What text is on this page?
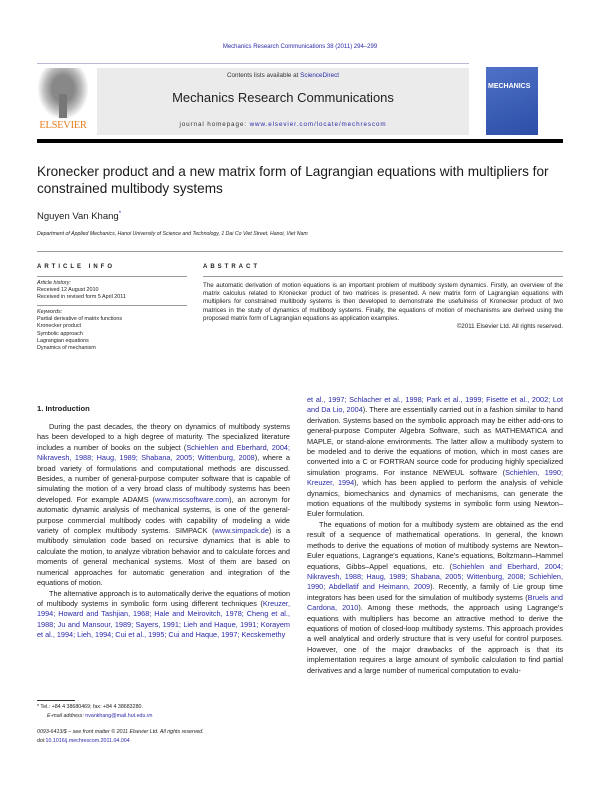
Mechanics Research Communications 38 (2011) 294–299
ELSEVIER
Contents lists available at ScienceDirect
Mechanics Research Communications
journal homepage: www.elsevier.com/locate/mechrescom
MECHANICS
Kronecker product and a new matrix form of Lagrangian equations with multipliers for constrained multibody systems
Nguyen Van Khang*
Department of Applied Mechanics, Hanoi University of Science and Technology, 1 Dai Co Viet Street, Hanoi, Viet Nam
ARTICLE INFO	ABSTRACT
Article history:
Received 12 August 2010
Received in revised form 5 April 2011
Keywords:
Partial derivative of matrix functions
Kronecker product
Symbolic approach
Lagrangian equations
Dynamics of mechanism
The automatic derivation of motion equations is an important problem of multibody system dynamics. Firstly, an overview of the matrix calculus related to Kronecker product of two matrices is presented. A new matrix form of Lagrangian equations with multipliers for constrained multibody systems is then developed to demonstrate the usefulness of Kronecker product of two matrices in the study of dynamics of multibody systems. Finally, the equations of motion of mechanisms are derived using the proposed matrix form of Lagrangian equations as application examples.
©2011 Elsevier Ltd. All rights reserved.
1. Introduction

During the past decades, the theory on dynamics of multibody systems has been developed to a high degree of maturity. The specialized literature includes a number of books on the subject (Schiehlen and Eberhard, 2004; Nikravesh, 1988; Haug, 1989; Shabana, 2005; Wittenburg, 2008), where a broad variety of formulations and computational methods are discussed. Besides, a number of general-purpose computer software that is capable of simulating the motion of a very broad class of multibody systems has been developed. For example ADAMS (www.mscsoftware.com), an acronym for automatic dynamic analysis of mechanical systems, is one of the general-purpose commercial multibody codes with capability of modeling a wide variety of complex multibody systems. SIMPACK (www.simpack.de) is a multibody simulation code based on recursive dynamics that is able to calculate the motion, to analyze vibration behavior and to calculate forces and moments of general mechanical systems. Most of them are based on numerical approaches for automatic generation and integration of the equations of motion.

The alternative approach is to automatically derive the equations of motion of multibody systems in symbolic form using different techniques (Kreuzer, 1994; Howard and Tashjian, 1968; Hale and Meirovitch, 1978; Cheng et al., 1988; Ju and Mansour, 1989; Sayers, 1991; Lieh and Haque, 1991; Korayem et al., 1994; Lieh, 1994; Cui et al., 1995; Cui and Haque, 1997; Kecskemethy

et al., 1997; Schlacher et al., 1998; Park et al., 1999; Fisette et al., 2002; Lot and Da Lio, 2004). There are essentially carried out in a fashion similar to hand derivation. Systems based on the symbolic approach may be either add-ons to general-purpose Computer Algebra Software, such as MATHEMATICA and MAPLE, or stand-alone environments. The latter allow a multibody system to be modeled and to derive the equations of motion, which in most cases are converted into a C or FORTRAN source code for producing highly specialized simulation programs. For instance NEWEUL software (Schiehlen, 1990; Kreuzer, 1994), which has been applied to perform the analysis of vehicle dynamics, biomechanics and dynamics of mechanisms, can generate the motion equations of the multibody systems in symbolic form using Newton–Euler formulation.

The equations of motion for a multibody system are obtained as the end result of a sequence of mathematical operations. In general, the known methods to derive the equations of motion of multibody systems are Newton–Euler equations, Lagrange's equations, Kane's equations, Boltzmann–Hammel equations, Gibbs–Appel equations, etc. (Schiehlen and Eberhard, 2004; Nikravesh, 1988; Haug, 1989; Shabana, 2005; Wittenburg, 2008; Schiehlen, 1990; Abdellatif and Heimann, 2009). Recently, a family of Lie group time integrators has been used for the simulation of multibody systems (Bruels and Cardona, 2010). Among these methods, the approach using Lagrange's equations with multipliers has become an attractive method to derive the equations of motion of closed-loop multibody systems. This approach provides a well analytical and orderly structure that is very useful for control purposes. However, one of the major drawbacks of the approach is that its implementation requires a large amount of symbolic calculation to find partial derivatives and a large number of numerical computation to evalu-

* Tel.: +84 4 38680469; fax: +84 4 38683280.
E-mail address: nvankhang@mail.hut.edu.vn
0093-6413/$ – see front matter © 2011 Elsevier Ltd. All rights reserved.
doi:10.1016/j.mechrescom.2011.04.004
